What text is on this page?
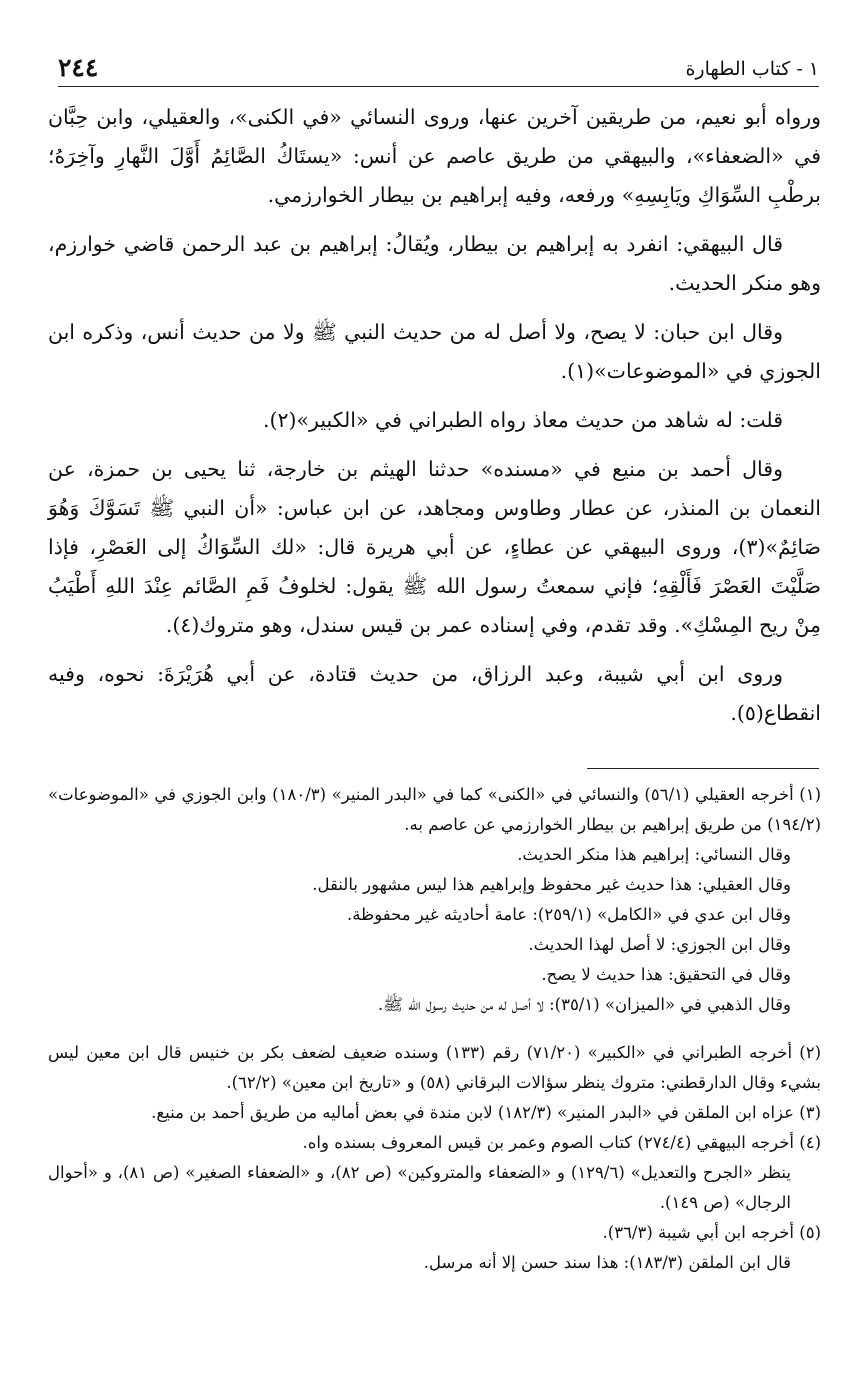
١ - كتاب الطهارة
٢٤٤

ورواه أبو نعيم، من طريقين آخرين عنها، وروى النسائي «في الكنى»، والعقيلي، وابن حِبَّان في «الضعفاء»، والبيهقي من طريق عاصم عن أنس: «يستَاكُ الصَّائِمُ أَوَّلَ النَّهارِ وآخِرَهُ؛ برطْبِ السِّوَاكِ ويَابِسِهِ» ورفعه، وفيه إبراهيم بن بيطار الخوارزمي.

قال البيهقي: انفرد به إبراهيم بن بيطار، ويُقالُ: إبراهيم بن عبد الرحمن قاضي خوارزم، وهو منكر الحديث.

وقال ابن حبان: لا يصح، ولا أصل له من حديث النبي ﷺ ولا من حديث أنس، وذكره ابن الجوزي في «الموضوعات»(١).

قلت: له شاهد من حديث معاذ رواه الطبراني في «الكبير»(٢).

وقال أحمد بن منيع في «مسنده» حدثنا الهيثم بن خارجة، ثنا يحيى بن حمزة، عن النعمان بن المنذر، عن عطار وطاوس ومجاهد، عن ابن عباس: «أن النبي ﷺ تَسَوَّكَ وَهُوَ صَائِمٌ»(٣)، وروى البيهقي عن عطاءٍ، عن أبي هريرة قال: «لك السِّوَاكُ إلى العَصْرِ، فإذا صَلَّيْتَ العَصْرَ فَأَلْقِهِ؛ فإني سمعتُ رسول الله ﷺ يقول: لخلوفُ فَمِ الصَّائم عِنْدَ اللهِ أَطْيَبُ مِنْ ريح المِسْكِ». وقد تقدم، وفي إسناده عمر بن قيس سندل، وهو متروك(٤).

وروى ابن أبي شيبة، وعبد الرزاق، من حديث قتادة، عن أبي هُرَيْرَةَ: نحوه، وفيه انقطاع(٥).

(١) أخرجه العقيلي (٥٦/١) والنسائي في «الكنى» كما في «البدر المنير» (١٨٠/٣) وابن الجوزي في «الموضوعات» (١٩٤/٢) من طريق إبراهيم بن بيطار الخوارزمي عن عاصم به.

وقال النسائي: إبراهيم هذا منكر الحديث.

وقال العقيلي: هذا حديث غير محفوظ وإبراهيم هذا ليس مشهور بالنقل.

وقال ابن عدي في «الكامل» (٢٥٩/١): عامة أحاديثه غير محفوظة.

وقال ابن الجوزي: لا أصل لهذا الحديث.

وقال في التحقيق: هذا حديث لا يصح.

وقال الذهبي في «الميزان» (٣٥/١): لا أصل له من حديث رسول الله ﷺ.

(٢) أخرجه الطبراني في «الكبير» (٧١/٢٠) رقم (١٣٣) وسنده ضعيف لضعف بكر بن خنيس قال ابن معين ليس بشيء وقال الدارقطني: متروك ينظر سؤالات البرقاني (٥٨) و «تاريخ ابن معين» (٦٢/٢).

(٣) عزاه ابن الملقن في «البدر المنير» (١٨٢/٣) لابن مندة في بعض أماليه من طريق أحمد بن منيع.

(٤) أخرجه البيهقي (٢٧٤/٤) كتاب الصوم وعمر بن قيس المعروف بسنده واه.

ينظر «الجرح والتعديل» (١٢٩/٦) و «الضعفاء والمتروكين» (ص ٨٢)، و «الضعفاء الصغير» (ص ٨١)، و «أحوال الرجال» (ص ١٤٩).

(٥) أخرجه ابن أبي شيبة (٣٦/٣).

قال ابن الملقن (١٨٣/٣): هذا سند حسن إلا أنه مرسل.
